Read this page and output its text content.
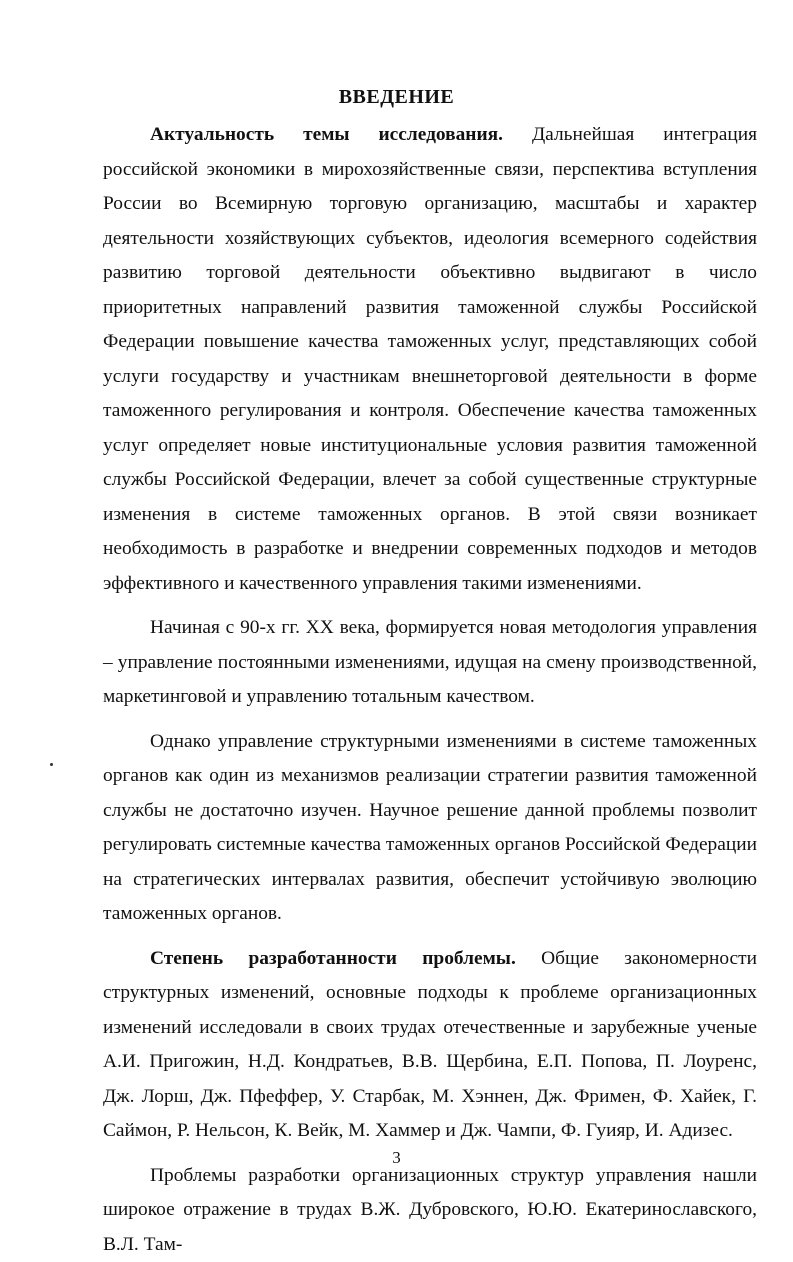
ВВЕДЕНИЕ

Актуальность темы исследования. Дальнейшая интеграция российской экономики в мирохозяйственные связи, перспектива вступления России во Всемирную торговую организацию, масштабы и характер деятельности хозяйствующих субъектов, идеология всемерного содействия развитию торговой деятельности объективно выдвигают в число приоритетных направлений развития таможенной службы Российской Федерации повышение качества таможенных услуг, представляющих собой услуги государству и участникам внешнеторговой деятельности в форме таможенного регулирования и контроля. Обеспечение качества таможенных услуг определяет новые институциональные условия развития таможенной службы Российской Федерации, влечет за собой существенные структурные изменения в системе таможенных органов. В этой связи возникает необходимость в разработке и внедрении современных подходов и методов эффективного и качественного управления такими изменениями.

Начиная с 90-х гг. XX века, формируется новая методология управления – управление постоянными изменениями, идущая на смену производственной, маркетинговой и управлению тотальным качеством.

Однако управление структурными изменениями в системе таможенных органов как один из механизмов реализации стратегии развития таможенной службы не достаточно изучен. Научное решение данной проблемы позволит регулировать системные качества таможенных органов Российской Федерации на стратегических интервалах развития, обеспечит устойчивую эволюцию таможенных органов.

Степень разработанности проблемы. Общие закономерности структурных изменений, основные подходы к проблеме организационных изменений исследовали в своих трудах отечественные и зарубежные ученые А.И. Пригожин, Н.Д. Кондратьев, В.В. Щербина, Е.П. Попова, П. Лоуренс, Дж. Лорш, Дж. Пфеффер, У. Старбак, М. Хэннен, Дж. Фримен, Ф. Хайек, Г. Саймон, Р. Нельсон, К. Вейк, М. Хаммер и Дж. Чампи, Ф. Гуияр, И. Адизес.

Проблемы разработки организационных структур управления нашли широкое отражение в трудах В.Ж. Дубровского, Ю.Ю. Екатеринославского, В.Л. Там-

3
